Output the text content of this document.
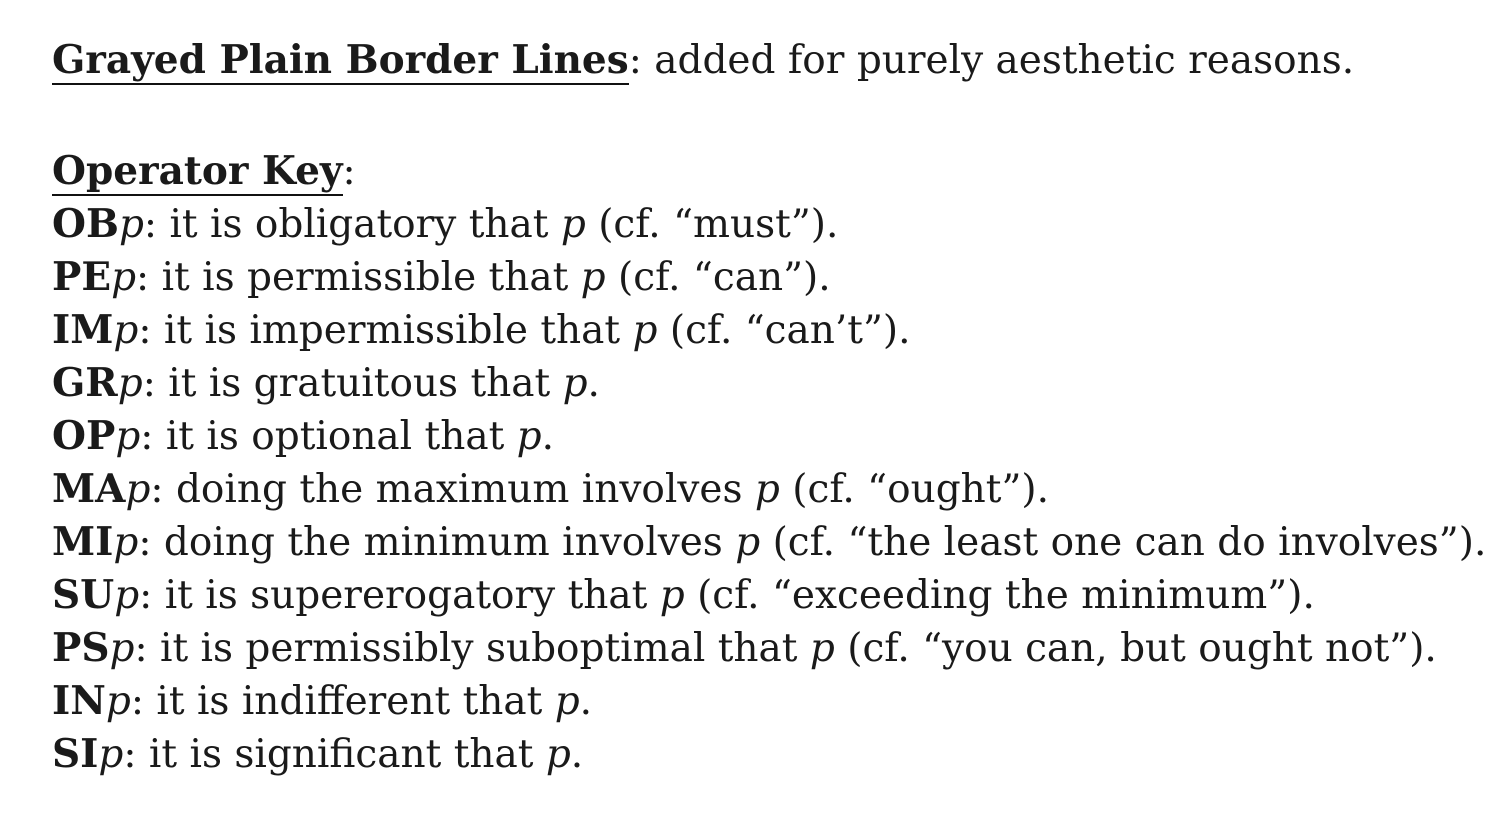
Grayed Plain Border Lines: added for purely aesthetic reasons.
Operator Key:
OBp: it is obligatory that p (cf. “must”).
PEp: it is permissible that p (cf. “can”).
IMp: it is impermissible that p (cf. “can’t”).
GRp: it is gratuitous that p.
OPp: it is optional that p.
MAp: doing the maximum involves p (cf. “ought”).
MIp: doing the minimum involves p (cf. “the least one can do involves”).
SUp: it is supererogatory that p (cf. “exceeding the minimum”).
PSp: it is permissibly suboptimal that p (cf. “you can, but ought not”).
INp: it is indifferent that p.
SIp: it is significant that p.
